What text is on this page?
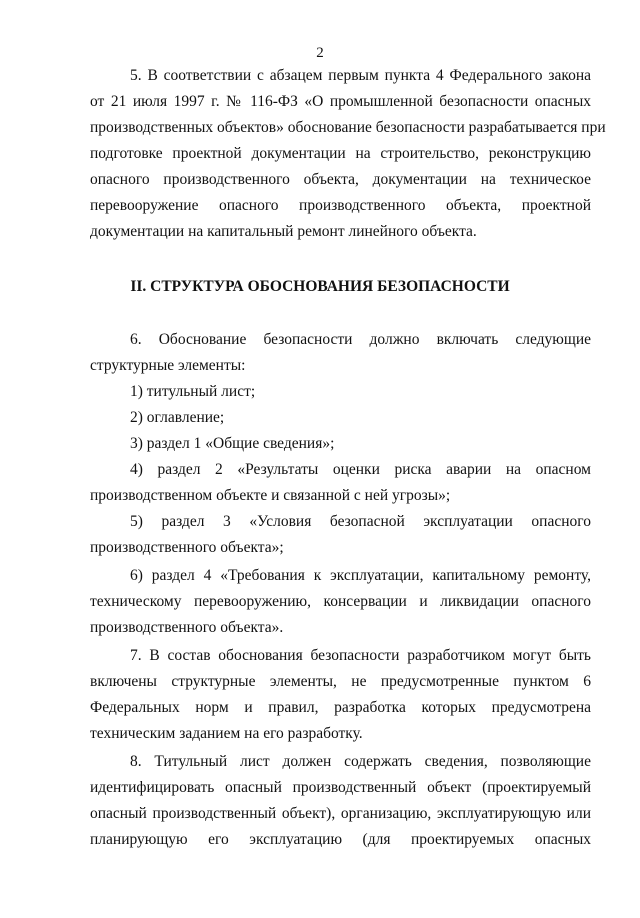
2
5. В соответствии с абзацем первым пункта 4 Федерального закона
от 21 июля 1997 г. № 116-ФЗ «О промышленной безопасности опасных
производственных объектов» обоснование безопасности разрабатывается при
подготовке проектной документации на строительство, реконструкцию
опасного производственного объекта, документации на техническое
перевооружение опасного производственного объекта, проектной
документации на капитальный ремонт линейного объекта.
II. СТРУКТУРА ОБОСНОВАНИЯ БЕЗОПАСНОСТИ
6. Обоснование безопасности должно включать следующие
структурные элементы:
1) титульный лист;
2) оглавление;
3) раздел 1 «Общие сведения»;
4) раздел 2 «Результаты оценки риска аварии на опасном
производственном объекте и связанной с ней угрозы»;
5) раздел 3 «Условия безопасной эксплуатации опасного
производственного объекта»;
6) раздел 4 «Требования к эксплуатации, капитальному ремонту,
техническому перевооружению, консервации и ликвидации опасного
производственного объекта».
7. В состав обоснования безопасности разработчиком могут быть
включены структурные элементы, не предусмотренные пунктом 6
Федеральных норм и правил, разработка которых предусмотрена
техническим заданием на его разработку.
8. Титульный лист должен содержать сведения, позволяющие
идентифицировать опасный производственный объект (проектируемый
опасный производственный объект), организацию, эксплуатирующую или
планирующую его эксплуатацию (для проектируемых опасных
